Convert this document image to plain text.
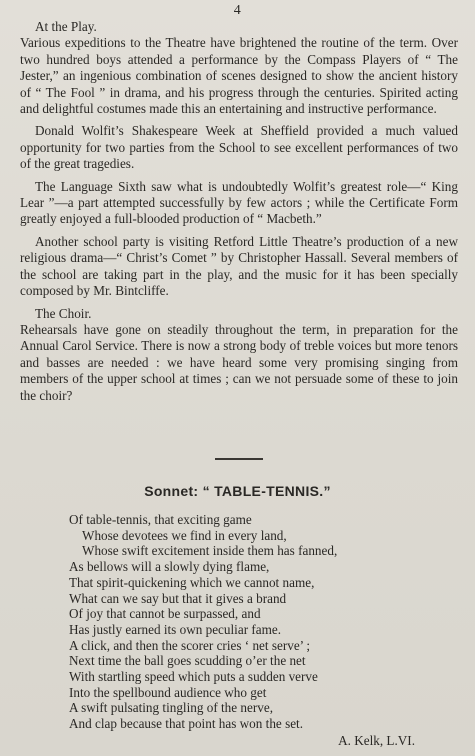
4

At the Play.

Various expeditions to the Theatre have brightened the routine of the term. Over two hundred boys attended a performance by the Compass Players of “ The Jester,” an ingenious combination of scenes designed to show the ancient history of “ The Fool ” in drama, and his progress through the centuries. Spirited acting and delightful costumes made this an entertaining and instructive performance.

Donald Wolfit’s Shakespeare Week at Sheffield provided a much valued opportunity for two parties from the School to see excellent performances of two of the great tragedies.

The Language Sixth saw what is undoubtedly Wolfit’s greatest role—“ King Lear ”—a part attempted successfully by few actors ; while the Certificate Form greatly enjoyed a full-blooded production of “ Macbeth.”

Another school party is visiting Retford Little Theatre’s production of a new religious drama—“ Christ’s Comet ” by Christopher Hassall. Several members of the school are taking part in the play, and the music for it has been specially composed by Mr. Bintcliffe.

The Choir.

Rehearsals have gone on steadily throughout the term, in preparation for the Annual Carol Service. There is now a strong body of treble voices but more tenors and basses are needed : we have heard some very promising singing from members of the upper school at times ; can we not persuade some of these to join the choir?

Sonnet: “ TABLE-TENNIS.”
Of table-tennis, that exciting game
Whose devotees we find in every land,
Whose swift excitement inside them has fanned,
As bellows will a slowly dying flame,
That spirit-quickening which we cannot name,
What can we say but that it gives a brand
Of joy that cannot be surpassed, and
Has justly earned its own peculiar fame.
A click, and then the scorer cries ‘ net serve’ ;
Next time the ball goes scudding o’er the net
With startling speed which puts a sudden verve
Into the spellbound audience who get
A swift pulsating tingling of the nerve,
And clap because that point has won the set.
A. Kelk, L.VI.
